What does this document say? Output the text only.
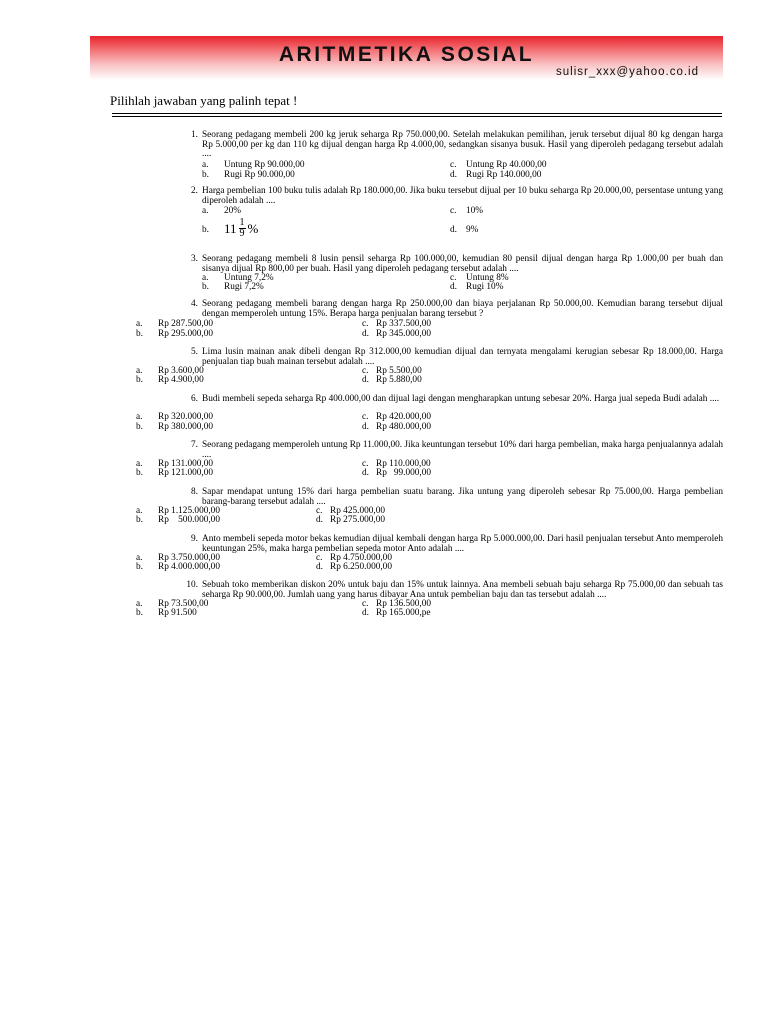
ARITMETIKA SOSIAL
sulisr_xxx@yahoo.co.id
Pilihlah jawaban yang palinh tepat !
1. Seorang pedagang membeli 200 kg jeruk seharga Rp 750.000,00. Setelah melakukan pemilihan, jeruk tersebut dijual 80 kg dengan harga Rp 5.000,00 per kg dan 110 kg dijual dengan harga Rp 4.000,00, sedangkan sisanya busuk. Hasil yang diperoleh pedagang tersebut adalah ....
a. Untung Rp 90.000,00	c. Untung Rp 40.000,00
b. Rugi Rp 90.000,00	d. Rugi Rp 140.000,00
2. Harga pembelian 100 buku tulis adalah Rp 180.000,00. Jika buku tersebut dijual per 10 buku seharga Rp 20.000,00, persentase untung yang diperoleh adalah ....
a. 20%	c. 10%
b. $11 \frac{1}{9}$ %	d. 9%
3. Seorang pedagang membeli 8 lusin pensil seharga Rp 100.000,00, kemudian 80 pensil dijual dengan harga Rp 1.000,00 per buah dan sisanya dijual Rp 800,00 per buah. Hasil yang diperoleh pedagang tersebut adalah ....
a. Untung 7,2%	c. Untung 8%
b. Rugi 7,2%	d. Rugi 10%
4. Seorang pedagang membeli barang dengan harga Rp 250.000,00 dan biaya perjalanan Rp 50.000,00. Kemudian barang tersebut dijual dengan memperoleh untung 15%. Berapa harga penjualan barang tersebut ?
a. Rp 287.500,00	c. Rp 337.500,00
b. Rp 295.000,00	d. Rp 345.000,00
5. Lima lusin mainan anak dibeli dengan Rp 312.000,00 kemudian dijual dan ternyata mengalami kerugian sebesar Rp 18.000,00. Harga penjualan tiap buah mainan tersebut adalah ....
a. Rp 3.600,00	c. Rp 5.500,00
b. Rp 4.900,00	d. Rp 5.880,00
6. Budi membeli sepeda seharga Rp 400.000,00 dan dijual lagi dengan mengharapkan untung sebesar 20%. Harga jual sepeda Budi adalah ....
a. Rp 320.000,00	c. Rp 420.000,00
b. Rp 380.000,00	d. Rp 480.000,00
7. Seorang pedagang memperoleh untung Rp 11.000,00. Jika keuntungan tersebut 10% dari harga pembelian, maka harga penjualannya adalah ....
a. Rp 131.000,00	c. Rp 110.000,00
b. Rp 121.000,00	d. Rp   99.000,00
8. Sapar mendapat untung 15% dari harga pembelian suatu barang. Jika untung yang diperoleh sebesar Rp 75.000,00. Harga pembelian barang-barang tersebut adalah ....
a. Rp 1.125.000,00	c. Rp 425.000,00
b. Rp    500.000,00	d. Rp 275.000,00
9. Anto membeli sepeda motor bekas kemudian dijual kembali dengan harga Rp 5.000.000,00. Dari hasil penjualan tersebut Anto memperoleh keuntungan 25%, maka harga pembelian sepeda motor Anto adalah ....
a. Rp 3.750.000,00	c. Rp 4.750.000,00
b. Rp 4.000.000,00	d. Rp 6.250.000,00
10. Sebuah toko memberikan diskon 20% untuk baju dan 15% untuk lainnya. Ana membeli sebuah baju seharga Rp 75.000,00 dan sebuah tas seharga Rp 90.000,00. Jumlah uang yang harus dibayar Ana untuk pembelian baju dan tas tersebut adalah ....
a. Rp 73.500,00	c. Rp 136.500,00
b. Rp 91.500	d. Rp 165.000,pe
